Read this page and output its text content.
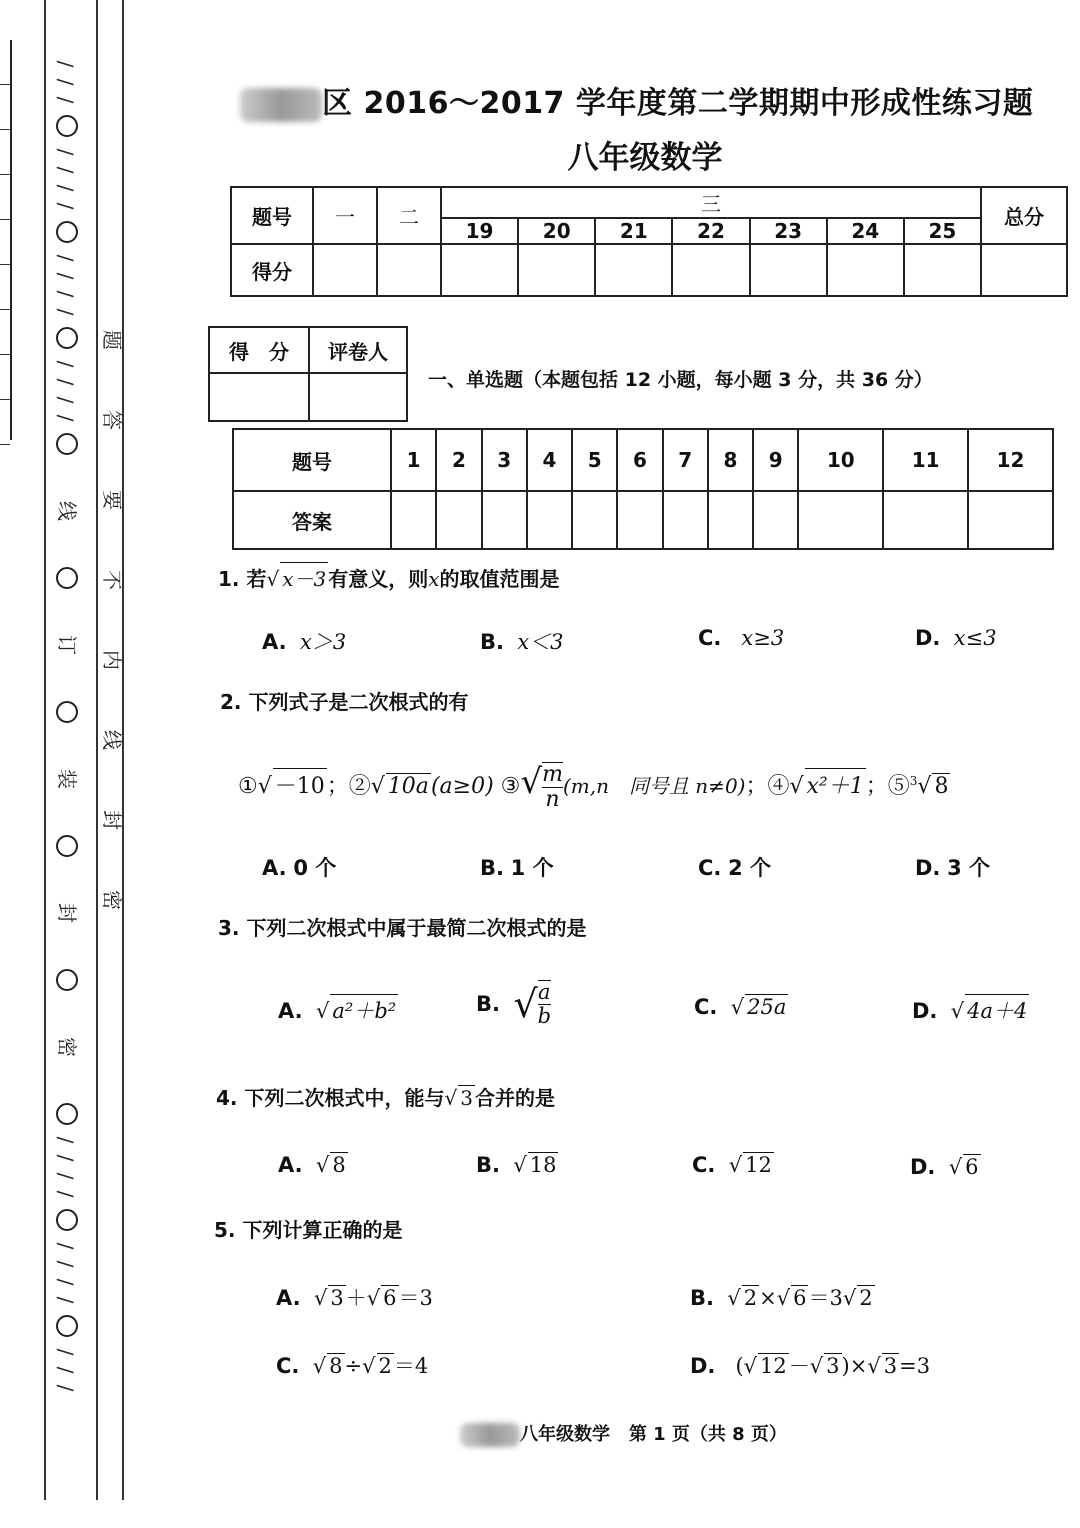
/
/
/
/
/
/
/
/
/
/
/
/
/
/
/
线
订
装
封
密
/
/
/
/
/
/
/
/
/
/
/
题
答
要
不
内
线
封
密
区 2016～2017 学年度第二学期期中形成性练习题
八年级数学
题号	一	二	三							总分
			19	20	21	22	23	24	25	
得分										
得　分	评卷人

一、单选题（本题包括 12 小题，每小题 3 分，共 36 分）
题号	1	2	3	4	5	6	7	8	9	10	11	12
答案												
1. 若√ x－3 有意义，则x的取值范围是
A. x＞3	B. x＜3	C. x≥3	D. x≤3
2. 下列式子是二次根式的有
①√ －10；②√ 10a(a≥0) ③√ $\frac{m}{n} (m,n$　同号且 n≠0)；④√ x²＋1；⑤$^3$√ 8
A. 0 个	B. 1 个	C. 2 个	D. 3 个
3. 下列二次根式中属于最简二次根式的是
A. √ a²＋b²	B. √ $\frac{a}{b}$	C. √ 25a	D. √ 4a＋4
4. 下列二次根式中，能与√ 3 合并的是
A. √ 8	B. √ 18	C. √ 12	D. √ 6
5. 下列计算正确的是
A. √ 3＋√ 6＝3	B. √ 2×√ 6＝3√ 2
C. √ 8÷√ 2＝4	D. (√ 12－√ 3)×√ 3=3
八年级数学 第 1 页（共 8 页）
